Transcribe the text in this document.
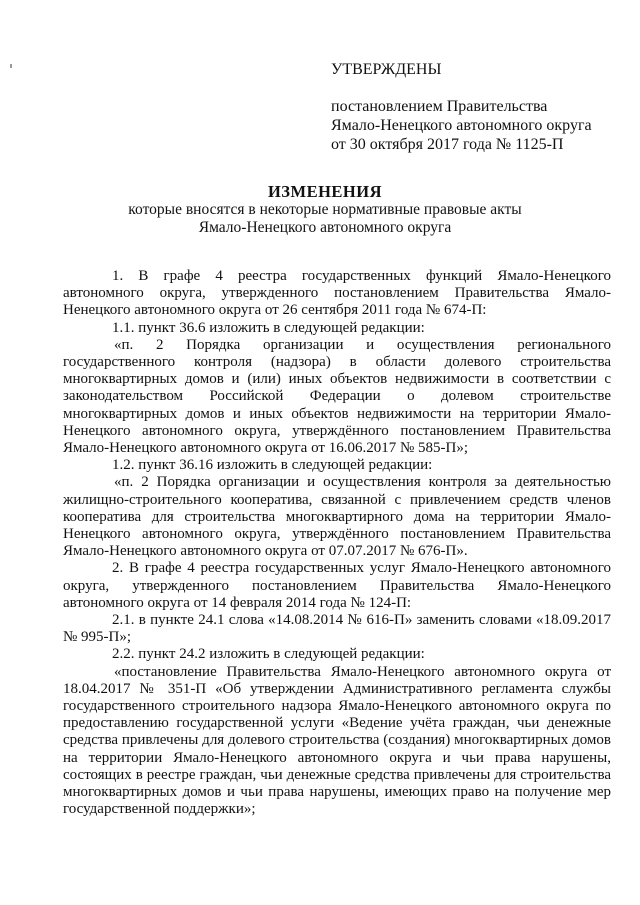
УТВЕРЖДЕНЫ
постановлением Правительства
Ямало-Ненецкого автономного округа
от 30 октября 2017 года № 1125-П
ИЗМЕНЕНИЯ
которые вносятся в некоторые нормативные правовые акты
Ямало-Ненецкого автономного округа

1. В графе 4 реестра государственных функций Ямало-Ненецкого автономного округа, утвержденного постановлением Правительства Ямало-Ненецкого автономного округа от 26 сентября 2011 года № 674-П:

1.1. пункт 36.6 изложить в следующей редакции:

«п. 2 Порядка организации и осуществления регионального государственного контроля (надзора) в области долевого строительства многоквартирных домов и (или) иных объектов недвижимости в соответствии с законодательством Российской Федерации о долевом строительстве многоквартирных домов и иных объектов недвижимости на территории Ямало-Ненецкого автономного округа, утверждённого постановлением Правительства Ямало-Ненецкого автономного округа от 16.06.2017 № 585-П»;

1.2. пункт 36.16 изложить в следующей редакции:

«п. 2 Порядка организации и осуществления контроля за деятельностью жилищно-строительного кооператива, связанной с привлечением средств членов кооператива для строительства многоквартирного дома на территории Ямало-Ненецкого автономного округа, утверждённого постановлением Правительства Ямало-Ненецкого автономного округа от 07.07.2017 № 676-П».

2. В графе 4 реестра государственных услуг Ямало-Ненецкого автономного округа, утвержденного постановлением Правительства Ямало-Ненецкого автономного округа от 14 февраля 2014 года № 124-П:

2.1. в пункте 24.1 слова «14.08.2014 № 616-П» заменить словами «18.09.2017 № 995-П»;

2.2. пункт 24.2 изложить в следующей редакции:

«постановление Правительства Ямало-Ненецкого автономного округа от 18.04.2017 № 351-П «Об утверждении Административного регламента службы государственного строительного надзора Ямало-Ненецкого автономного округа по предоставлению государственной услуги «Ведение учёта граждан, чьи денежные средства привлечены для долевого строительства (создания) многоквартирных домов на территории Ямало-Ненецкого автономного округа и чьи права нарушены, состоящих в реестре граждан, чьи денежные средства привлечены для строительства многоквартирных домов и чьи права нарушены, имеющих право на получение мер государственной поддержки»;
